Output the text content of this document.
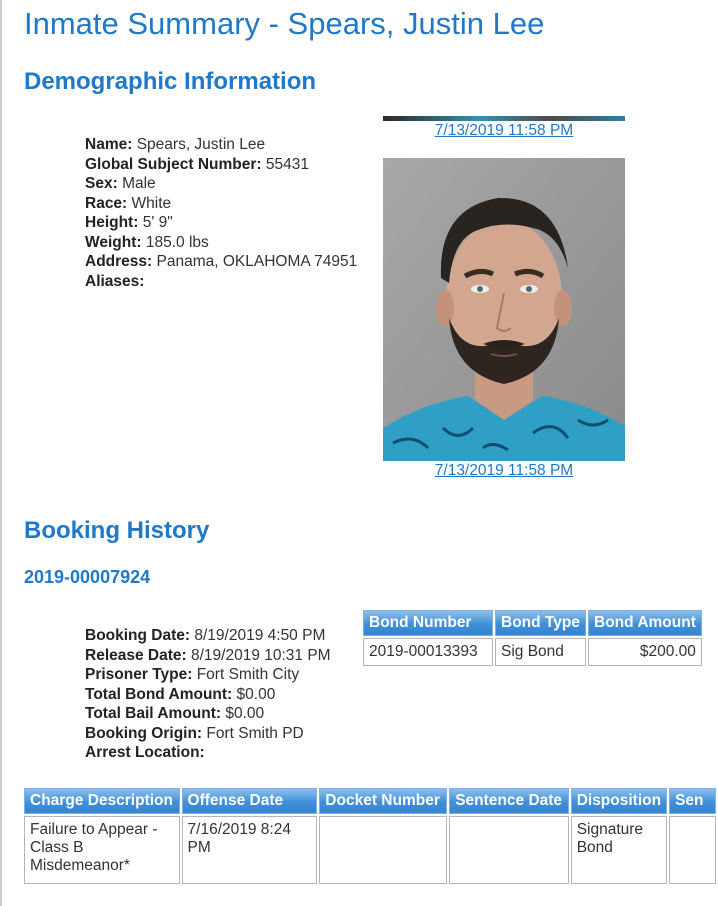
Inmate Summary - Spears, Justin Lee
Demographic Information
Name: Spears, Justin Lee
Global Subject Number: 55431
Sex: Male
Race: White
Height: 5' 9"
Weight: 185.0 lbs
Address: Panama, OKLAHOMA 74951
Aliases:
7/13/2019 11:58 PM
7/13/2019 11:58 PM
Booking History
2019-00007924
Booking Date: 8/19/2019 4:50 PM
Release Date: 8/19/2019 10:31 PM
Prisoner Type: Fort Smith City
Total Bond Amount: $0.00
Total Bail Amount: $0.00
Booking Origin: Fort Smith PD
Arrest Location:
Bond Number	Bond Type	Bond Amount
2019-00013393	Sig Bond	$200.00
Charge Description	Offense Date	Docket Number	Sentence Date	Disposition	Sen
Failure to Appear - Class B Misdemeanor*	7/16/2019 8:24 PM			Signature Bond	
